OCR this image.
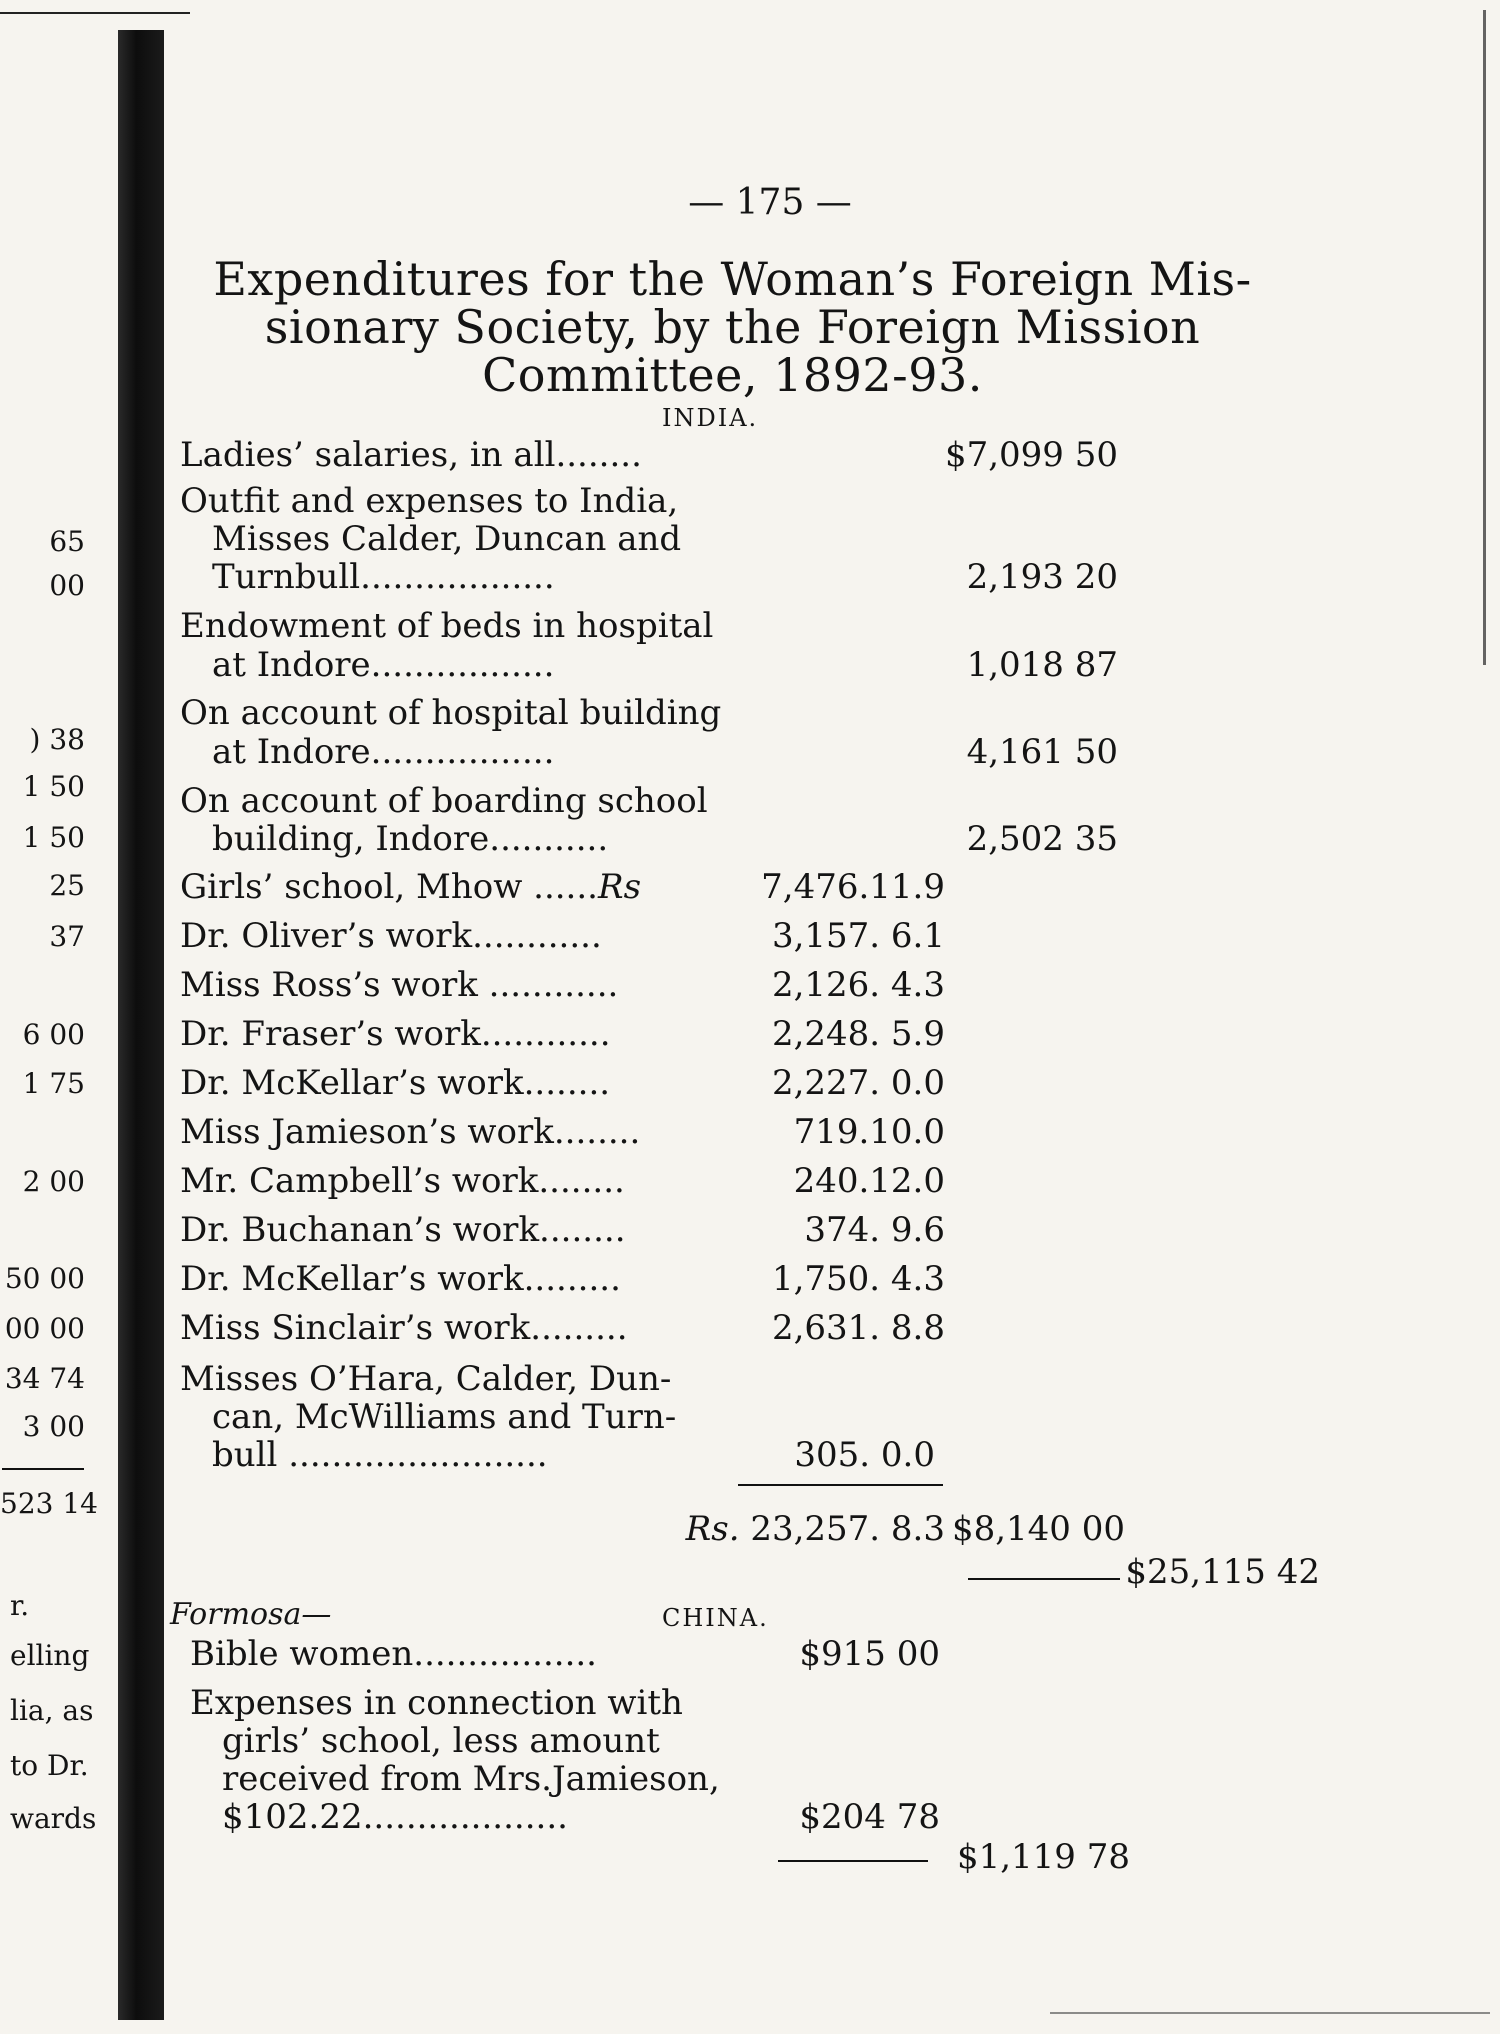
65
00
) 38
1 50
1 50
25
37
6 00
1 75
2 00
50 00
00 00
34 74
3 00
523 14
r.
elling
lia, as
to Dr.
wards
— 175 —
Expenditures for the Woman’s Foreign Mis-
sionary Society, by the Foreign Mission
Committee, 1892-93.
INDIA.
Ladies’ salaries, in all........	$7,099 50
Outfit and expenses to India,
Misses Calder, Duncan and
Turnbull..................	2,193 20
Endowment of beds in hospital
at Indore.................	1,018 87
On account of hospital building
at Indore.................	4,161 50
On account of boarding school
building, Indore...........	2,502 35
Girls’ school, Mhow ......Rs	7,476.11.9
Dr. Oliver’s work............	3,157. 6.1
Miss Ross’s work ............	2,126. 4.3
Dr. Fraser’s work............	2,248. 5.9
Dr. McKellar’s work........	2,227. 0.0
Miss Jamieson’s work........	719.10.0
Mr. Campbell’s work........	240.12.0
Dr. Buchanan’s work........	374. 9.6
Dr. McKellar’s work.........	1,750. 4.3
Miss Sinclair’s work.........	2,631. 8.8
Misses O’Hara, Calder, Dun-
can, McWilliams and Turn-
bull ........................	305. 0.0
Rs. 23,257. 8.3 $8,140 00
$25,115 42
Formosa—	CHINA.
Bible women.................	$915 00
Expenses in connection with
girls’ school, less amount
received from Mrs.Jamieson,
$102.22...................	$204 78
$1,119 78
